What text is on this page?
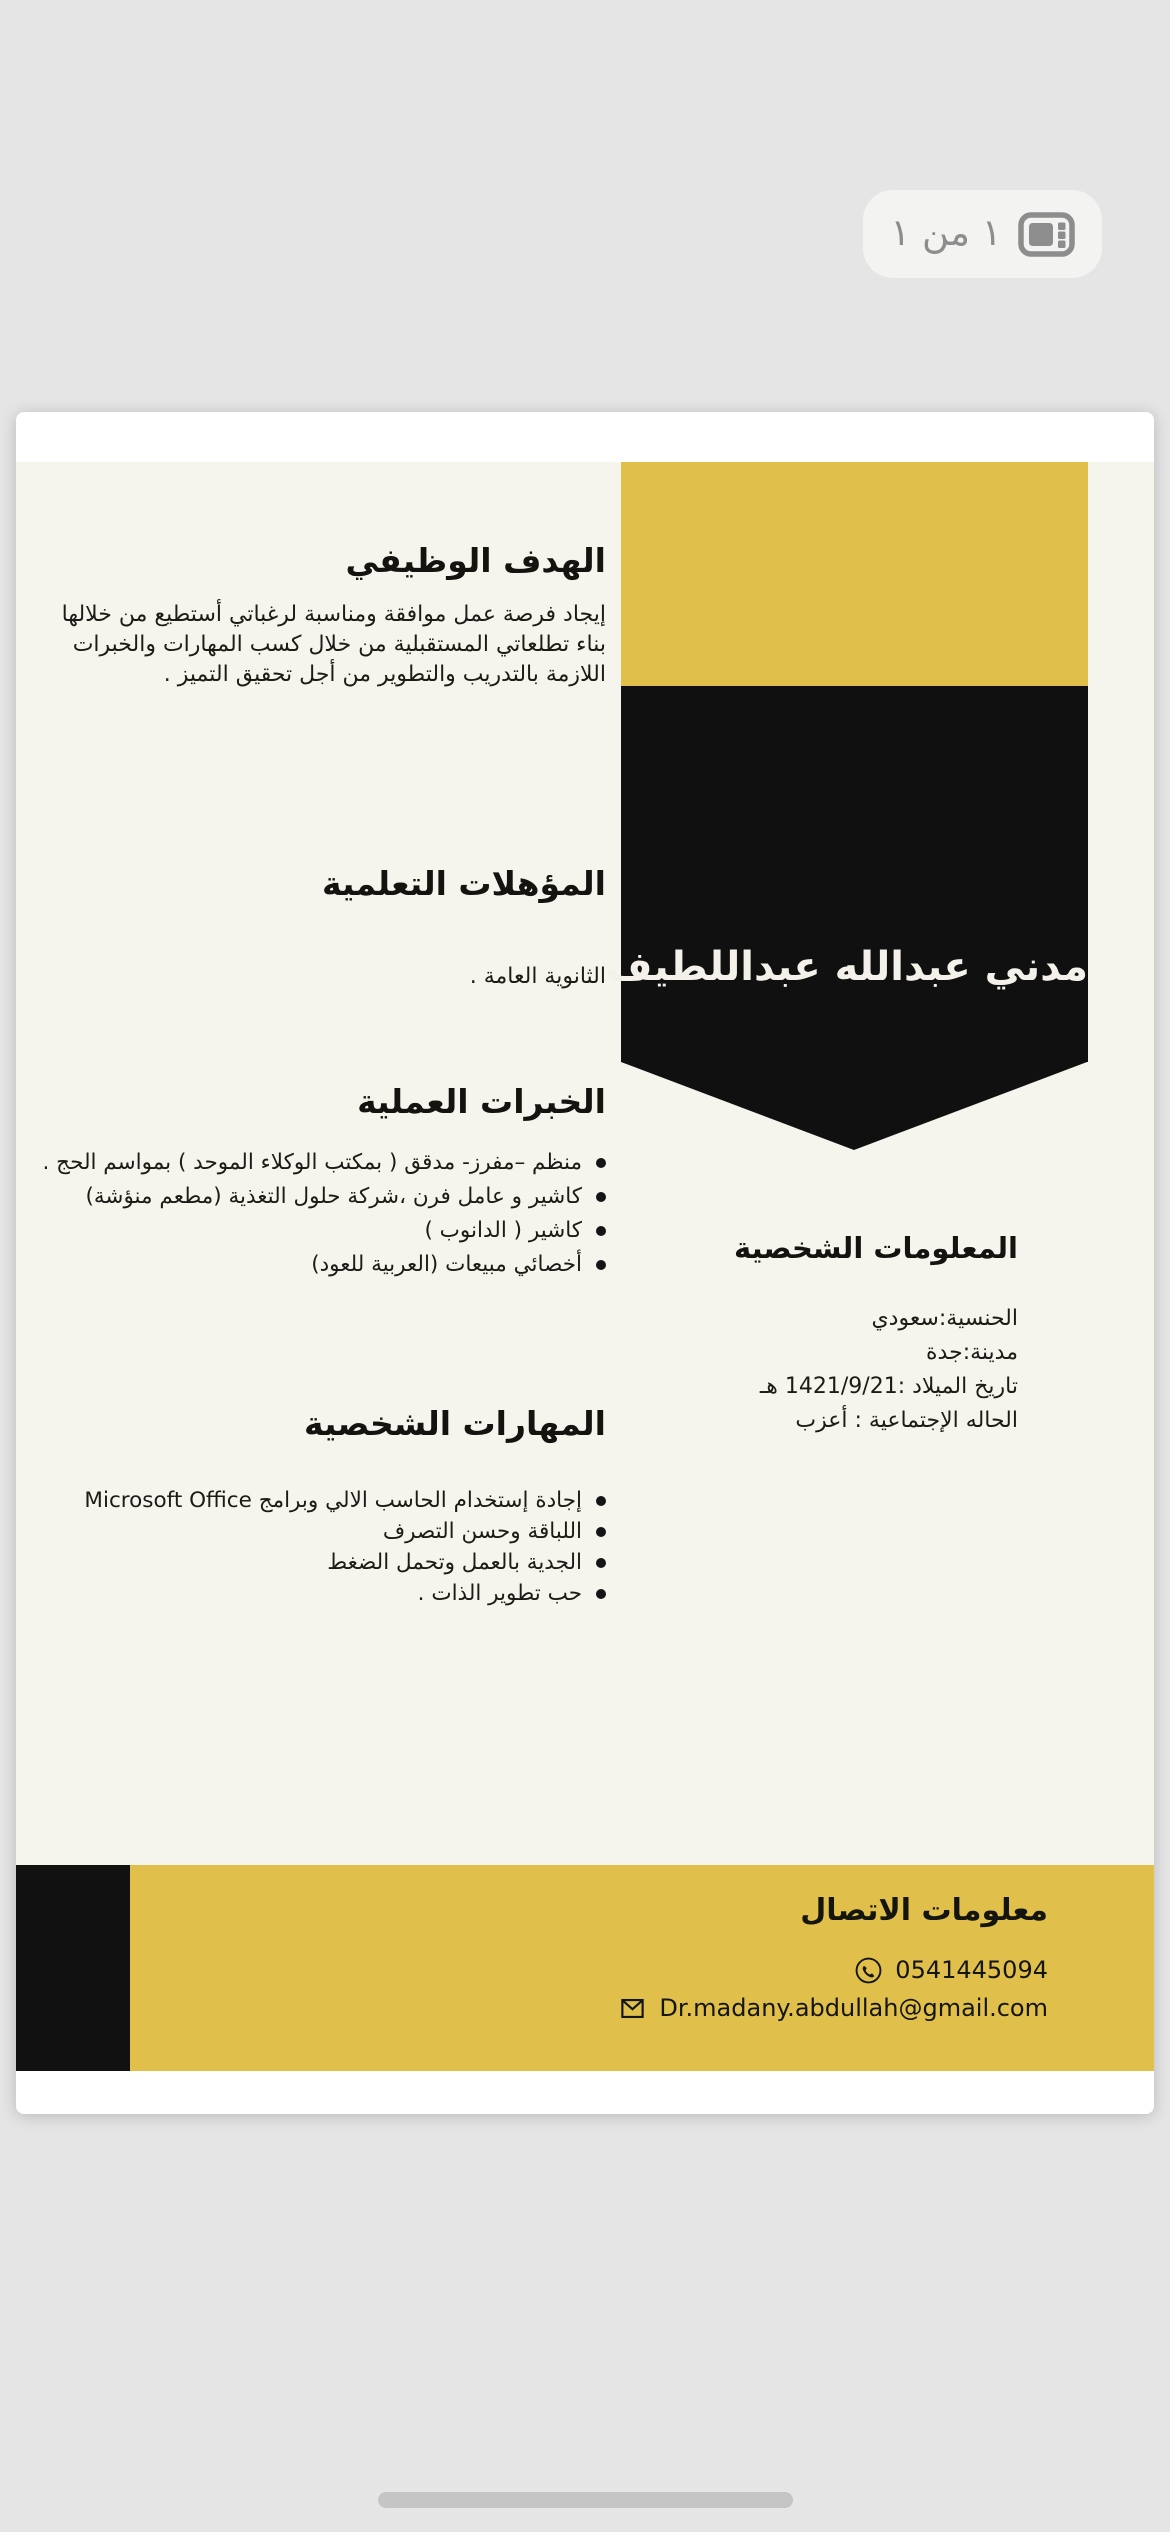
١ من ١
مدني عبدالله عبداللطيف
الهدف الوظيفي
إيجاد فرصة عمل موافقة ومناسبة لرغباتي أستطيع من خلالها بناء تطلعاتي المستقبلية من خلال كسب المهارات والخبرات اللازمة بالتدريب والتطوير من أجل تحقيق التميز .
المؤهلات التعلمية
الثانوية العامة .
الخبرات العملية
منظم –مفرز- مدقق ( بمكتب الوكلاء الموحد ) بمواسم الحج .
كاشير و عامل فرن ،شركة حلول التغذية (مطعم منؤشة)
كاشير ( الدانوب )
أخصائي مبيعات (العربية للعود)
المهارات الشخصية
إجادة إستخدام الحاسب الالي وبرامج Microsoft Office
اللباقة وحسن التصرف
الجدية بالعمل وتحمل الضغط
حب تطوير الذات .
المعلومات الشخصية
الحنسية:سعودي
مدينة:جدة
تاريخ الميلاد :1421/9/21 هـ
الحاله الإجتماعية : أعزب
معلومات الاتصال
0541445094
Dr.madany.abdullah@gmail.com
